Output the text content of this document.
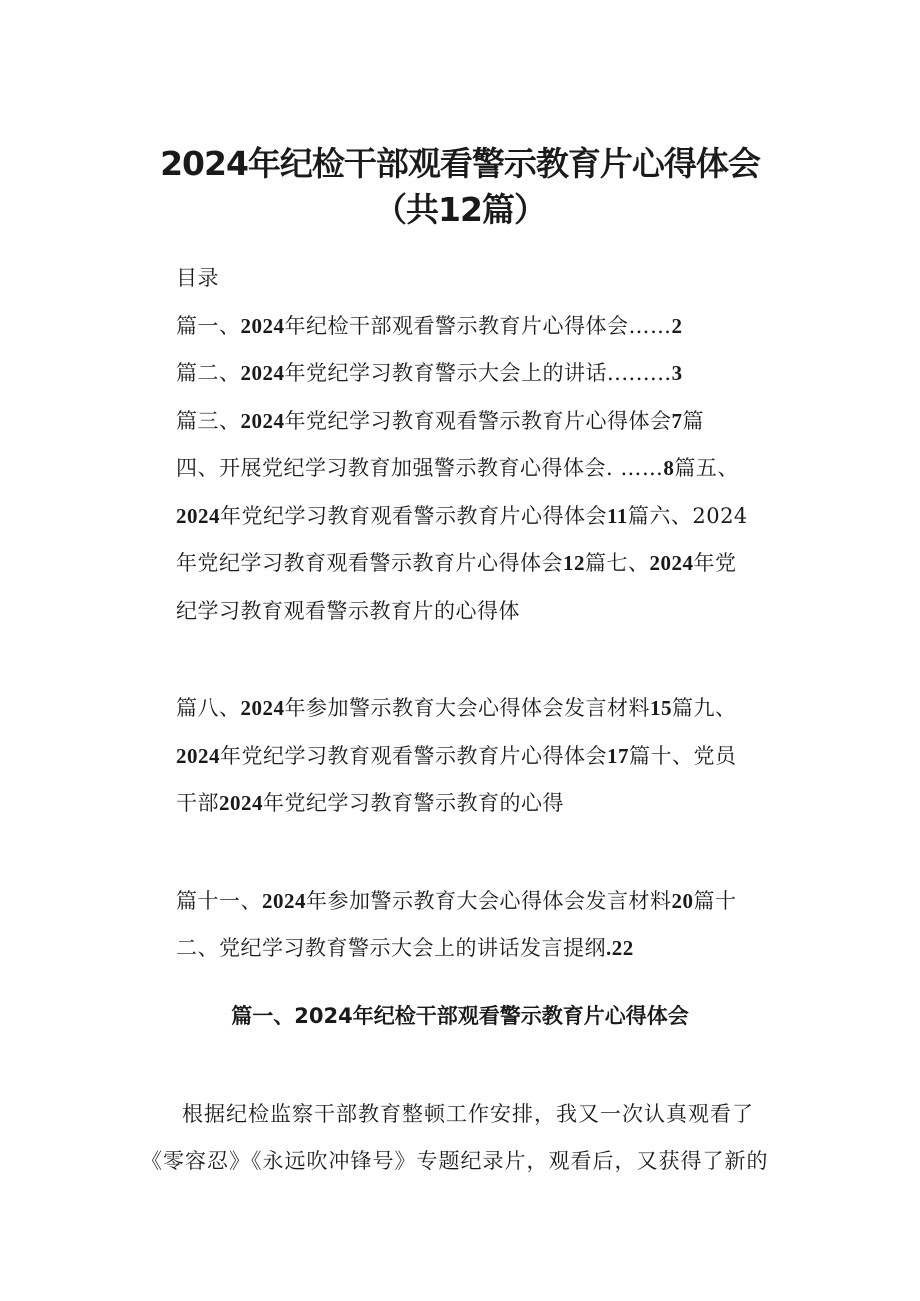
2024年纪检干部观看警示教育片心得体会
（共12篇）
目录
篇一、2024年纪检干部观看警示教育片心得体会……2
篇二、2024年党纪学习教育警示大会上的讲话.........3
篇三、2024年党纪学习教育观看警示教育片心得体会7篇
四、开展党纪学习教育加强警示教育心得体会. ……8篇五、
2024年党纪学习教育观看警示教育片心得体会11篇六、2024
年党纪学习教育观看警示教育片心得体会12篇七、2024年党
纪学习教育观看警示教育片的心得体
篇八、2024年参加警示教育大会心得体会发言材料15篇九、
2024年党纪学习教育观看警示教育片心得体会17篇十、党员
干部2024年党纪学习教育警示教育的心得
篇十一、2024年参加警示教育大会心得体会发言材料20篇十
二、党纪学习教育警示大会上的讲话发言提纲.22
篇一、2024年纪检干部观看警示教育片心得体会
根据纪检监察干部教育整顿工作安排，我又一次认真观看了
《零容忍》《永远吹冲锋号》专题纪录片，观看后，又获得了新的
